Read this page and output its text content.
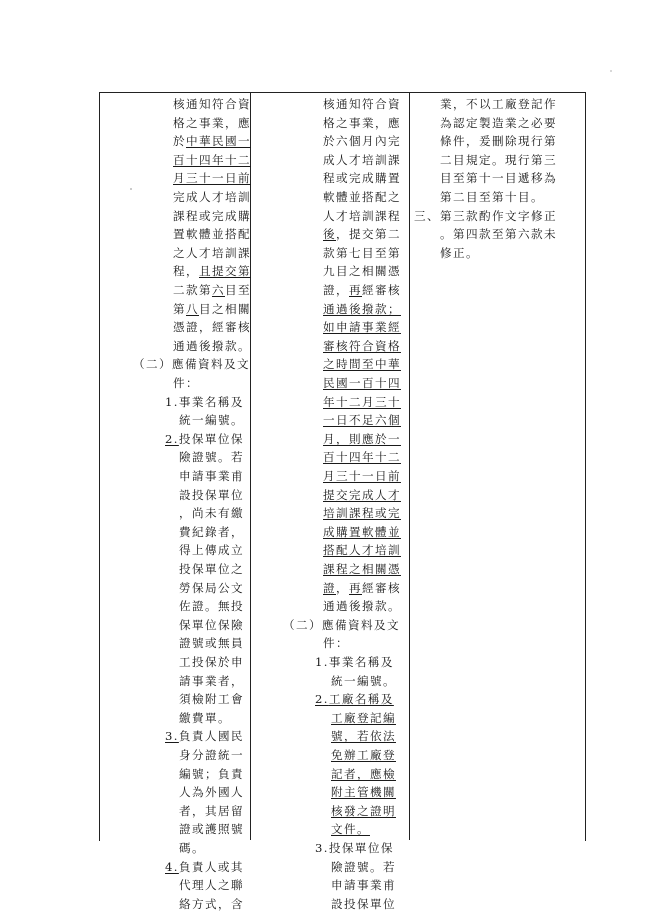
核通知符合資
格之事業，應
於中華民國一
百十四年十二
月三十一日前
完成人才培訓
課程或完成購
置軟體並搭配
之人才培訓課
程，且提交第
二款第六目至
第八目之相關
憑證，經審核
通過後撥款。
（二）應備資料及文
件：
1.事業名稱及
統一編號。
2.投保單位保
險證號。若
申請事業甫
設投保單位
，尚未有繳
費紀錄者，
得上傳成立
投保單位之
勞保局公文
佐證。無投
保單位保險
證號或無員
工投保於申
請事業者，
須檢附工會
繳費單。
3.負責人國民
身分證統一
編號；負責
人為外國人
者，其居留
證或護照號
碼。
4.負責人或其
代理人之聯
絡方式，含
核通知符合資
格之事業，應
於六個月內完
成人才培訓課
程或完成購置
軟體並搭配之
人才培訓課程
後，提交第二
款第七目至第
九目之相關憑
證，再經審核
通過後撥款；
如申請事業經
審核符合資格
之時間至中華
民國一百十四
年十二月三十
一日不足六個
月，則應於一
百十四年十二
月三十一日前
提交完成人才
培訓課程或完
成購置軟體並
搭配人才培訓
課程之相關憑
證，再經審核
通過後撥款。
（二）應備資料及文
件：
1.事業名稱及
統一編號。
2.工廠名稱及
工廠登記編
號，若依法
免辦工廠登
記者，應檢
附主管機關
核發之證明
文件。
3.投保單位保
險證號。若
申請事業甫
設投保單位
業，不以工廠登記作
為認定製造業之必要
條件，爰刪除現行第
二目規定。現行第三
目至第十一目遞移為
第二目至第十目。
三、第三款酌作文字修正
。第四款至第六款未
修正。
